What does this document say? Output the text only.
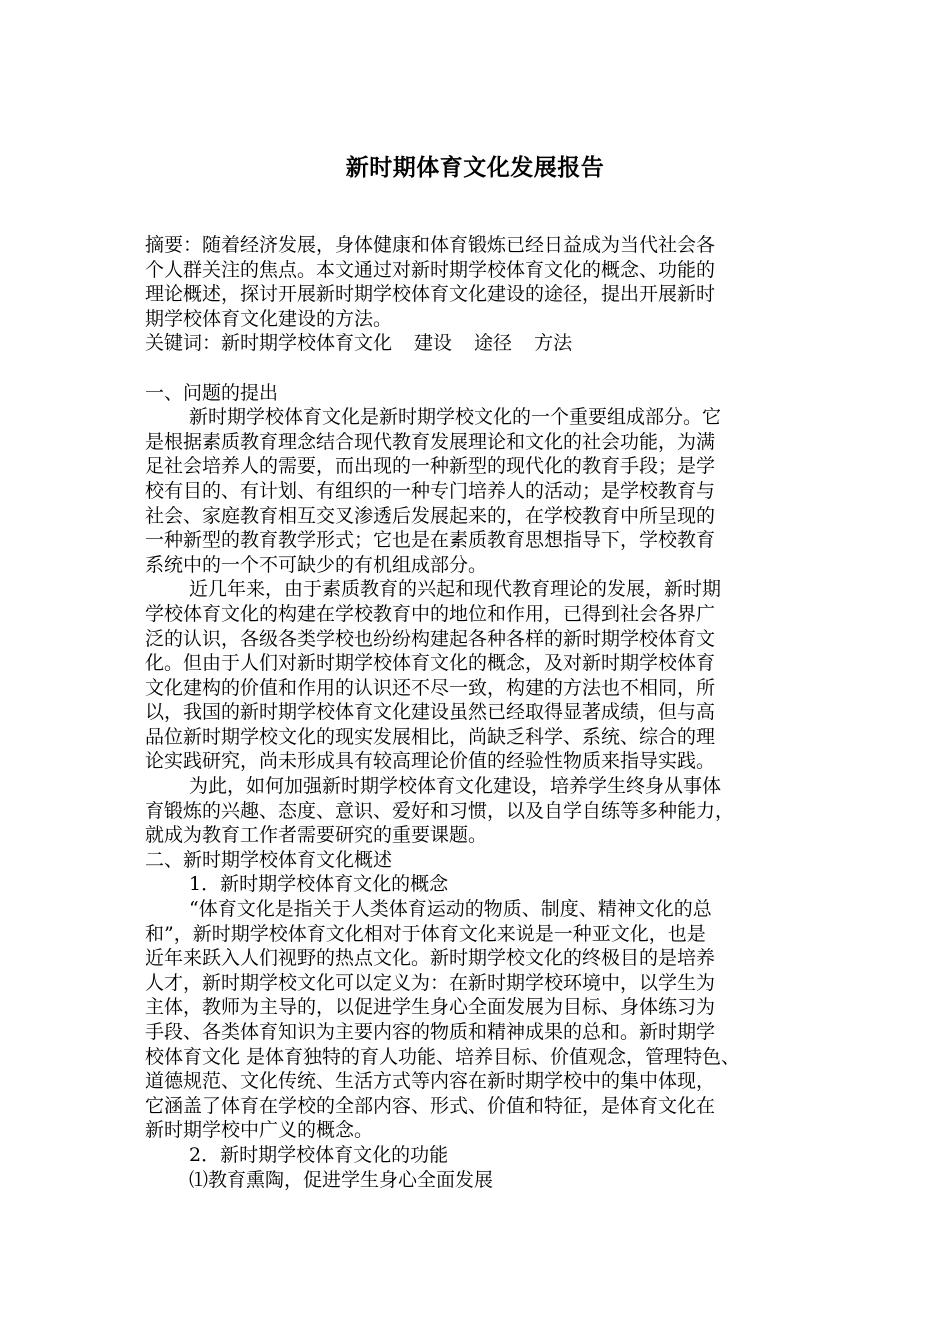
新时期体育文化发展报告
摘要：随着经济发展，身体健康和体育锻炼已经日益成为当代社会各
个人群关注的焦点。本文通过对新时期学校体育文化的概念、功能的
理论概述，探讨开展新时期学校体育文化建设的途径，提出开展新时
期学校体育文化建设的方法。
关键词：新时期学校体育文化 建设 途径 方法
一、问题的提出
新时期学校体育文化是新时期学校文化的一个重要组成部分。它
是根据素质教育理念结合现代教育发展理论和文化的社会功能，为满
足社会培养人的需要，而出现的一种新型的现代化的教育手段；是学
校有目的、有计划、有组织的一种专门培养人的活动；是学校教育与
社会、家庭教育相互交叉渗透后发展起来的，在学校教育中所呈现的
一种新型的教育教学形式；它也是在素质教育思想指导下，学校教育
系统中的一个不可缺少的有机组成部分。
近几年来，由于素质教育的兴起和现代教育理论的发展，新时期
学校体育文化的构建在学校教育中的地位和作用，已得到社会各界广
泛的认识，各级各类学校也纷纷构建起各种各样的新时期学校体育文
化。但由于人们对新时期学校体育文化的概念，及对新时期学校体育
文化建构的价值和作用的认识还不尽一致，构建的方法也不相同，所
以，我国的新时期学校体育文化建设虽然已经取得显著成绩，但与高
品位新时期学校文化的现实发展相比，尚缺乏科学、系统、综合的理
论实践研究，尚未形成具有较高理论价值的经验性物质来指导实践。
为此，如何加强新时期学校体育文化建设，培养学生终身从事体
育锻炼的兴趣、态度、意识、爱好和习惯，以及自学自练等多种能力，
就成为教育工作者需要研究的重要课题。
二、新时期学校体育文化概述
1．新时期学校体育文化的概念
“体育文化是指关于人类体育运动的物质、制度、精神文化的总
和”，新时期学校体育文化相对于体育文化来说是一种亚文化，也是
近年来跃入人们视野的热点文化。新时期学校文化的终极目的是培养
人才，新时期学校文化可以定义为：在新时期学校环境中，以学生为
主体，教师为主导的，以促进学生身心全面发展为目标、身体练习为
手段、各类体育知识为主要内容的物质和精神成果的总和。新时期学
校体育文化 是体育独特的育人功能、培养目标、价值观念，管理特色、
道德规范、文化传统、生活方式等内容在新时期学校中的集中体现，
它涵盖了体育在学校的全部内容、形式、价值和特征，是体育文化在
新时期学校中广义的概念。
2．新时期学校体育文化的功能
⑴教育熏陶，促进学生身心全面发展
